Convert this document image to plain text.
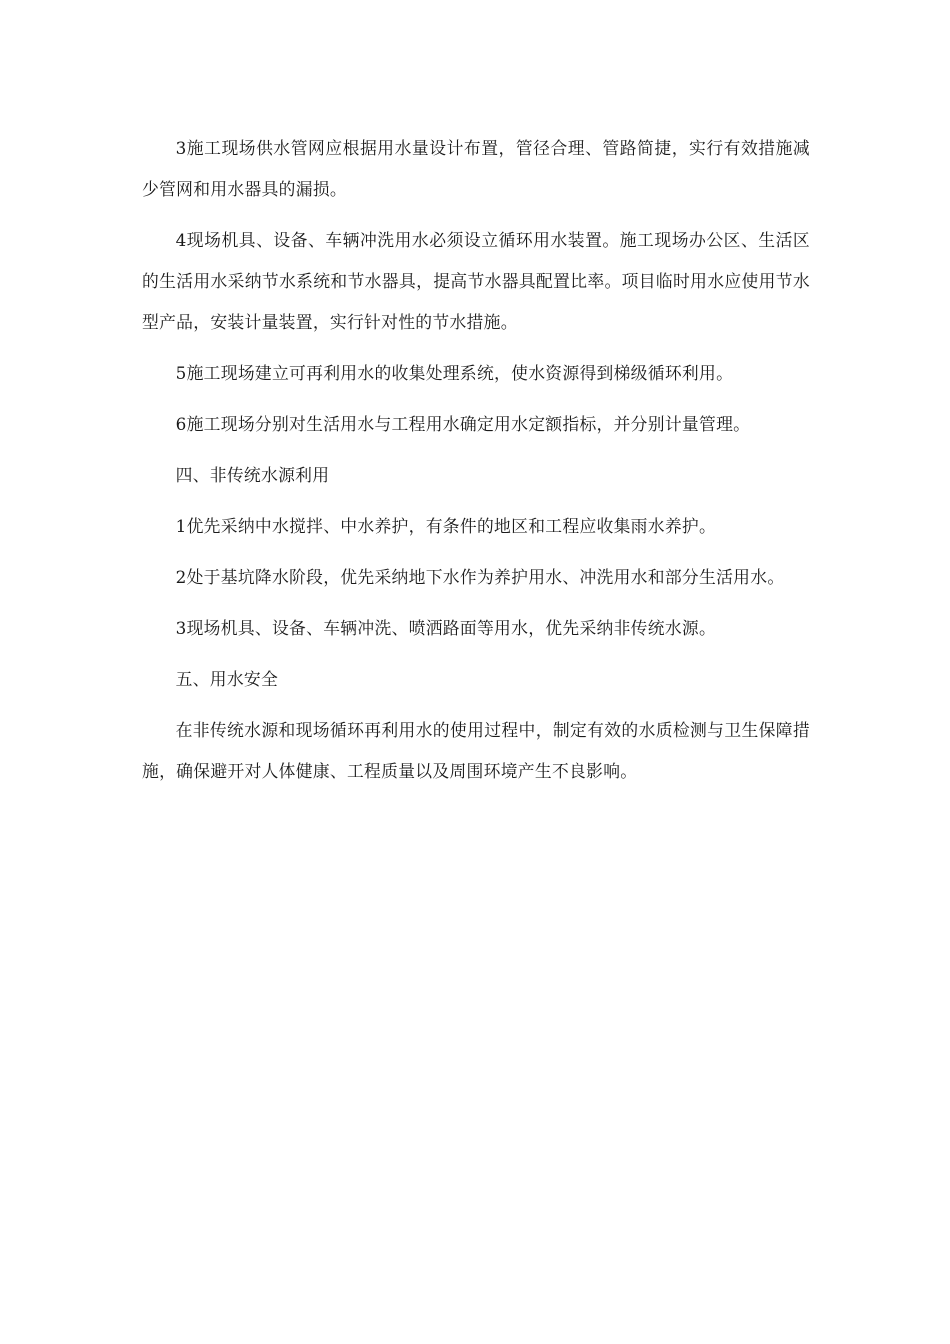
3施工现场供水管网应根据用水量设计布置，管径合理、管路简捷，实行有效措施减少管网和用水器具的漏损。

4现场机具、设备、车辆冲洗用水必须设立循环用水装置。施工现场办公区、生活区的生活用水采纳节水系统和节水器具，提高节水器具配置比率。项目临时用水应使用节水型产品，安装计量装置，实行针对性的节水措施。

5施工现场建立可再利用水的收集处理系统，使水资源得到梯级循环利用。

6施工现场分别对生活用水与工程用水确定用水定额指标，并分别计量管理。

四、非传统水源利用

1优先采纳中水搅拌、中水养护，有条件的地区和工程应收集雨水养护。

2处于基坑降水阶段，优先采纳地下水作为养护用水、冲洗用水和部分生活用水。

3现场机具、设备、车辆冲洗、喷洒路面等用水，优先采纳非传统水源。

五、用水安全

在非传统水源和现场循环再利用水的使用过程中，制定有效的水质检测与卫生保障措施，确保避开对人体健康、工程质量以及周围环境产生不良影响。
